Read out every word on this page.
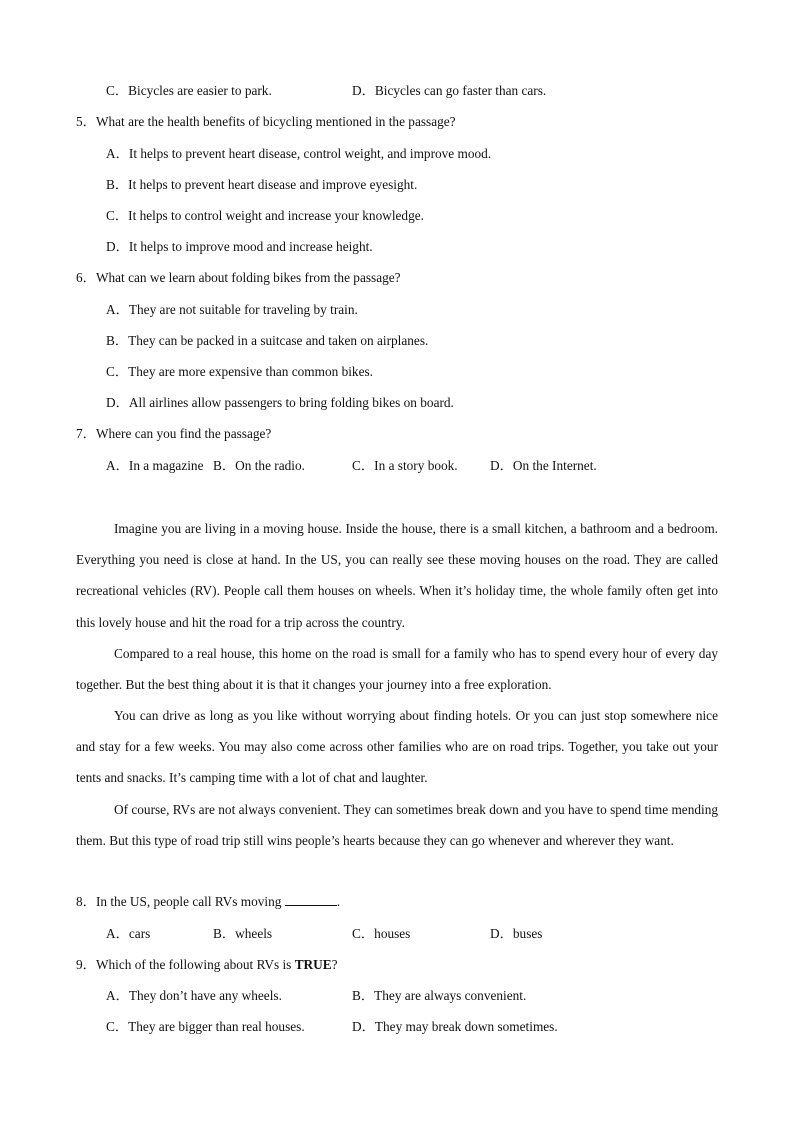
C．Bicycles are easier to park.	D．Bicycles can go faster than cars.
5．What are the health benefits of bicycling mentioned in the passage?
A．It helps to prevent heart disease, control weight, and improve mood.
B．It helps to prevent heart disease and improve eyesight.
C．It helps to control weight and increase your knowledge.
D．It helps to improve mood and increase height.
6．What can we learn about folding bikes from the passage?
A．They are not suitable for traveling by train.
B．They can be packed in a suitcase and taken on airplanes.
C．They are more expensive than common bikes.
D．All airlines allow passengers to bring folding bikes on board.
7．Where can you find the passage?
A．In a magazine B．On the radio.	C．In a story book. D．On the Internet.
Imagine you are living in a moving house. Inside the house, there is a small kitchen, a bathroom and a bedroom. Everything you need is close at hand. In the US, you can really see these moving houses on the road. They are called recreational vehicles (RV). People call them houses on wheels. When it’s holiday time, the whole family often get into this lovely house and hit the road for a trip across the country.
Compared to a real house, this home on the road is small for a family who has to spend every hour of every day together. But the best thing about it is that it changes your journey into a free exploration.
You can drive as long as you like without worrying about finding hotels. Or you can just stop somewhere nice and stay for a few weeks. You may also come across other families who are on road trips. Together, you take out your tents and snacks. It’s camping time with a lot of chat and laughter.
Of course, RVs are not always convenient. They can sometimes break down and you have to spend time mending them. But this type of road trip still wins people’s hearts because they can go whenever and wherever they want.
8．In the US, people call RVs moving	.
A．cars	B．wheels	C．houses	D．buses
9．Which of the following about RVs is TRUE?
A．They don’t have any wheels.	B．They are always convenient.
C．They are bigger than real houses.	D．They may break down sometimes.
